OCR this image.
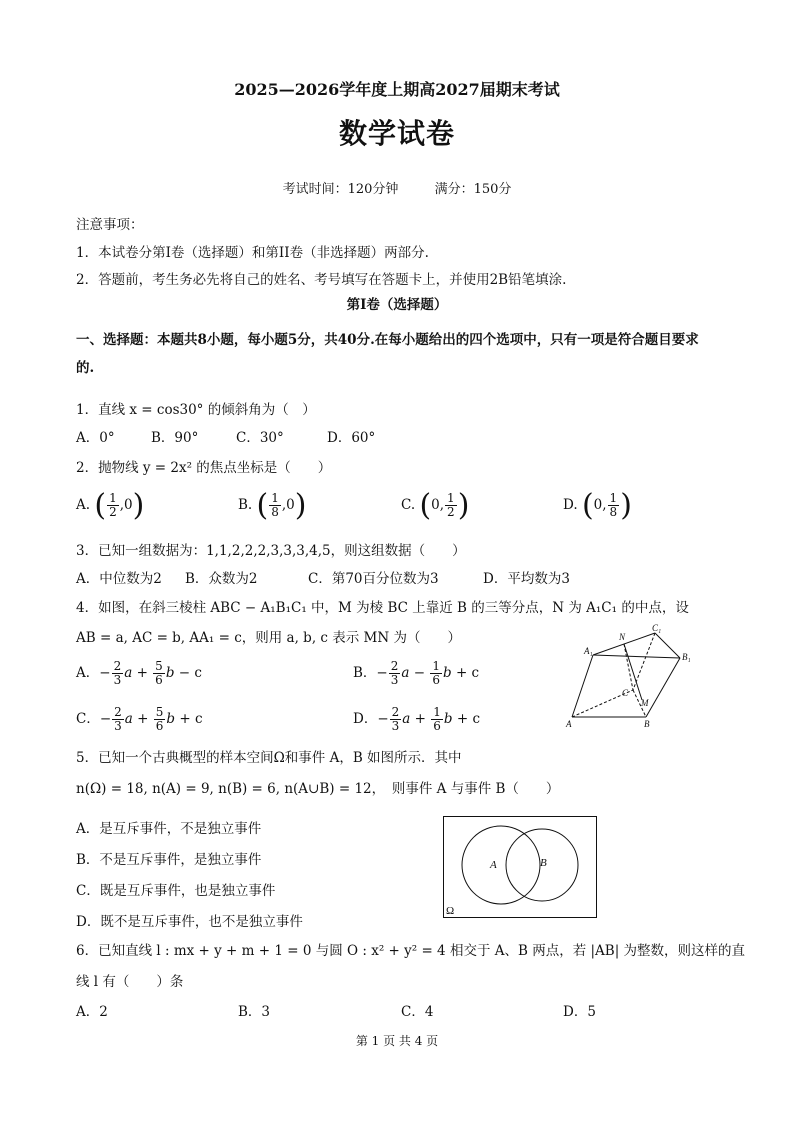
2025—2026学年度上期高2027届期末考试
数学试卷
考试时间：120分钟	满分：150分
注意事项：
1．本试卷分第I卷（选择题）和第II卷（非选择题）两部分.
2．答题前，考生务必先将自己的姓名、考号填写在答题卡上，并使用2B铅笔填涂.
第I卷（选择题）
一、选择题：本题共8小题，每小题5分，共40分.在每小题给出的四个选项中，只有一项是符合题目要求的.
1．直线 x = cos30° 的倾斜角为（　）
A．0°	B．90°	C．30°	D．60°
2．抛物线 y = 2x² 的焦点坐标是（　　）
A. ( $\frac{1}{2} ,0$)	B. ( $\frac{1}{8} ,0$)	C. (0, $\frac{1}{2}$ )	D. (0, $\frac{1}{8}$ )
3．已知一组数据为：1,1,2,2,2,3,3,3,4,5，则这组数据（　　）
A．中位数为2 B．众数为2	C．第70百分位数为3	D．平均数为3
4．如图，在斜三棱柱 ABC − A₁B₁C₁ 中，M 为棱 BC 上靠近 B 的三等分点，N 为 A₁C₁ 的中点，设
AB = a, AC = b, AA₁ = c，则用 a, b, c 表示 MN 为（　　）
A．− $\frac{2}{3}$ $a + \frac{5}{6}$ b − c	B．− $\frac{2}{3}$ $a - \frac{1}{6}$ b + c
C．− $\frac{2}{3}$ $a + \frac{5}{6}$ b + c	D．− $\frac{2}{3}$ $a + \frac{1}{6}$ b + c
A₁
N
C₁
B₁
C
M
A	B
5．已知一个古典概型的样本空间Ω和事件 A，B 如图所示．其中
n(Ω) = 18, n(A) = 9, n(B) = 6, n(A∪B) = 12，　则事件 A 与事件 B（　　）
A．是互斥事件，不是独立事件
B．不是互斥事件，是独立事件
C．既是互斥事件，也是独立事件
D．既不是互斥事件，也不是独立事件
A	B
Ω
6．已知直线 l : mx + y + m + 1 = 0 与圆 O : x² + y² = 4 相交于 A、B 两点，若 |AB| 为整数，则这样的直
线 l 有（　　）条
A．2	B．3	C．4	D．5
第 1 页 共 4 页
